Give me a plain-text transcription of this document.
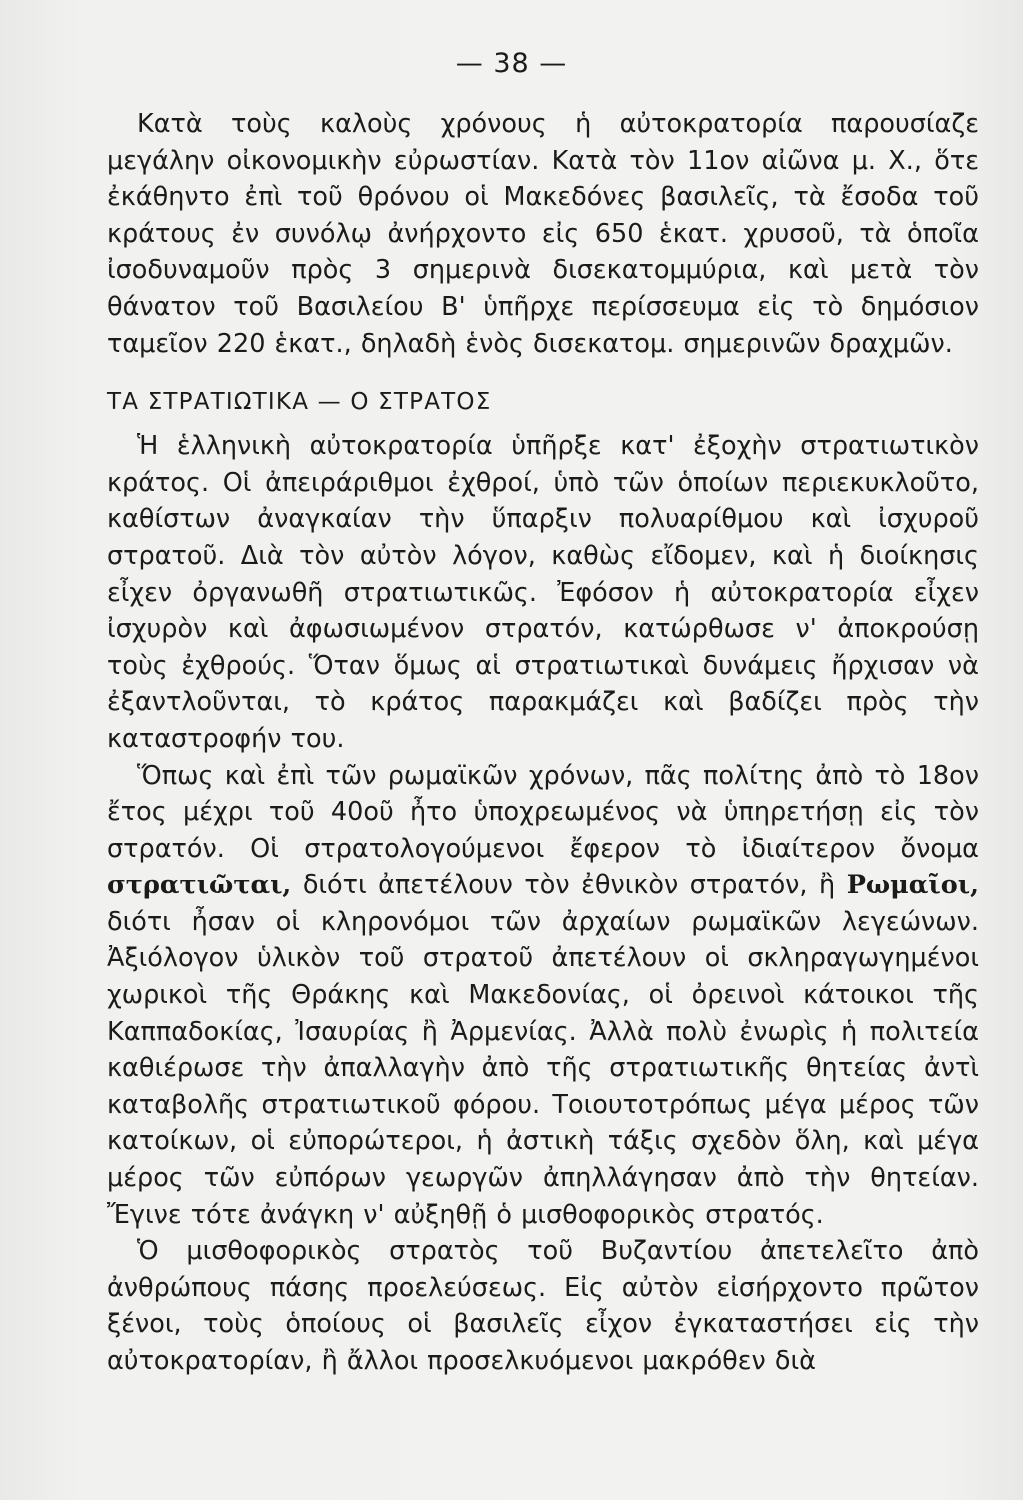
— 38 —

Κατὰ τοὺς καλοὺς χρόνους ἡ αὐτοκρατορία παρουσίαζε μεγάλην οἰκονομικὴν εὐρωστίαν. Κατὰ τὸν 11ον αἰῶνα μ. Χ., ὅτε ἐκάθηντο ἐπὶ τοῦ θρόνου οἱ Μακεδόνες βασιλεῖς, τὰ ἔσοδα τοῦ κράτους ἐν συνόλῳ ἀνήρχοντο εἰς 650 ἑκατ. χρυσοῦ, τὰ ὁποῖα ἰσοδυναμοῦν πρὸς 3 σημερινὰ δισεκατομμύρια, καὶ μετὰ τὸν θάνατον τοῦ Βασιλείου Β' ὑπῆρχε περίσσευμα εἰς τὸ δημόσιον ταμεῖον 220 ἑκατ., δηλαδὴ ἑνὸς δισεκατομ. σημερινῶν δραχμῶν.

ΤΑ ΣΤΡΑΤΙΩΤΙΚΑ — Ο ΣΤΡΑΤΟΣ

Ἡ ἑλληνικὴ αὐτοκρατορία ὑπῆρξε κατ' ἐξοχὴν στρατιωτικὸν κράτος. Οἱ ἀπειράριθμοι ἐχθροί, ὑπὸ τῶν ὁποίων περιεκυκλοῦτο, καθίστων ἀναγκαίαν τὴν ὕπαρξιν πολυαρίθμου καὶ ἰσχυροῦ στρατοῦ. Διὰ τὸν αὐτὸν λόγον, καθὼς εἴδομεν, καὶ ἡ διοίκησις εἶχεν ὀργανωθῆ στρατιωτικῶς. Ἐφόσον ἡ αὐτοκρατορία εἶχεν ἰσχυρὸν καὶ ἀφωσιωμένον στρατόν, κατώρθωσε ν' ἀποκρούσῃ τοὺς ἐχθρούς. Ὅταν ὅμως αἱ στρατιωτικαὶ δυνάμεις ἤρχισαν νὰ ἐξαντλοῦνται, τὸ κράτος παρακμάζει καὶ βαδίζει πρὸς τὴν καταστροφήν του.

Ὅπως καὶ ἐπὶ τῶν ρωμαϊκῶν χρόνων, πᾶς πολίτης ἀπὸ τὸ 18ον ἔτος μέχρι τοῦ 40οῦ ἦτο ὑποχρεωμένος νὰ ὑπηρετήσῃ εἰς τὸν στρατόν. Οἱ στρατολογούμενοι ἔφερον τὸ ἰδιαίτερον ὄνομα στρατιῶται, διότι ἀπετέλουν τὸν ἐθνικὸν στρατόν, ἢ Ρωμαῖοι, διότι ἦσαν οἱ κληρονόμοι τῶν ἀρχαίων ρωμαϊκῶν λεγεώνων. Ἀξιόλογον ὑλικὸν τοῦ στρατοῦ ἀπετέλουν οἱ σκληραγωγημένοι χωρικοὶ τῆς Θράκης καὶ Μακεδονίας, οἱ ὀρεινοὶ κάτοικοι τῆς Καππαδοκίας, Ἰσαυρίας ἢ Ἀρμενίας. Ἀλλὰ πολὺ ἐνωρὶς ἡ πολιτεία καθιέρωσε τὴν ἀπαλλαγὴν ἀπὸ τῆς στρατιωτικῆς θητείας ἀντὶ καταβολῆς στρατιωτικοῦ φόρου. Τοιουτοτρόπως μέγα μέρος τῶν κατοίκων, οἱ εὐπορώτεροι, ἡ ἀστικὴ τάξις σχεδὸν ὅλη, καὶ μέγα μέρος τῶν εὐπόρων γεωργῶν ἀπηλλάγησαν ἀπὸ τὴν θητείαν. Ἔγινε τότε ἀνάγκη ν' αὐξηθῇ ὁ μισθοφορικὸς στρατός.

Ὁ μισθοφορικὸς στρατὸς τοῦ Βυζαντίου ἀπετελεῖτο ἀπὸ ἀνθρώπους πάσης προελεύσεως. Εἰς αὐτὸν εἰσήρχοντο πρῶτον ξένοι, τοὺς ὁποίους οἱ βασιλεῖς εἶχον ἐγκαταστήσει εἰς τὴν αὐτοκρατορίαν, ἢ ἄλλοι προσελκυόμενοι μακρόθεν διὰ
